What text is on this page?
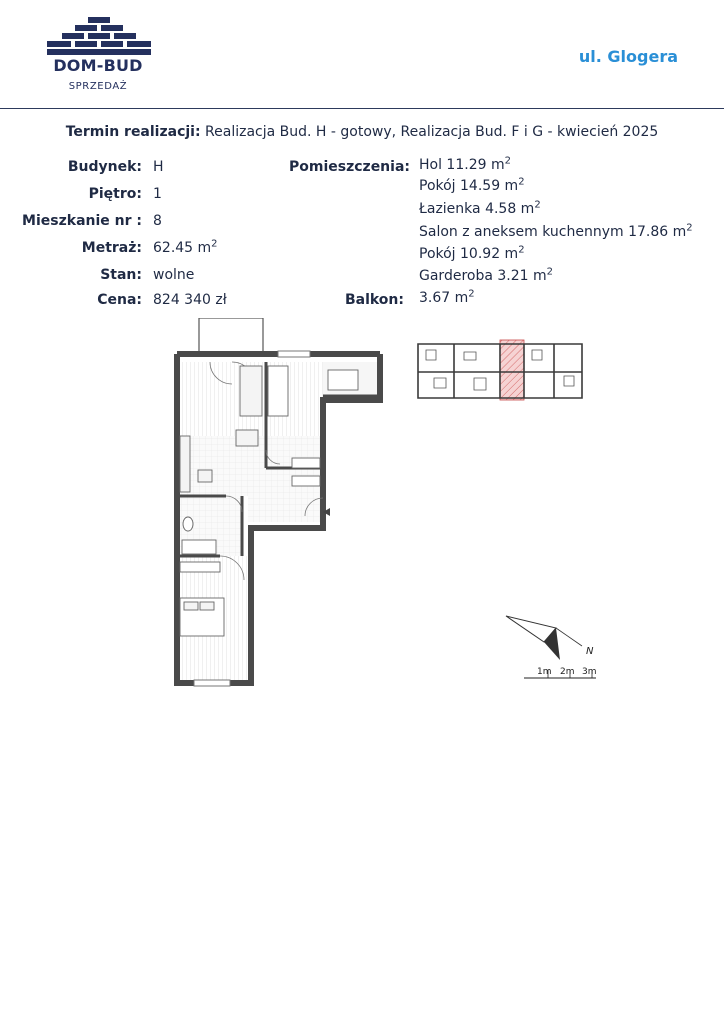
DOM-BUD
SPRZEDAŻ
ul. Glogera
Termin realizacji: Realizacja Bud. H - gotowy, Realizacja Bud. F i G - kwiecień 2025
Budynek: H
Piętro: 1
Mieszkanie nr : 8
Metraż: 62.45 $m^2$
Stan: wolne
Cena: 824 340 zł
Pomieszczenia: Hol 11.29 $m^2$
Pokój 14.59 $m^2$
Łazienka 4.58 $m^2$
Salon z aneksem kuchennym 17.86 $m^2$
Pokój 10.92 $m^2$
Garderoba 3.21 $m^2$
Balkon: 3.67 $m^2$
N
1m 2m 3m
